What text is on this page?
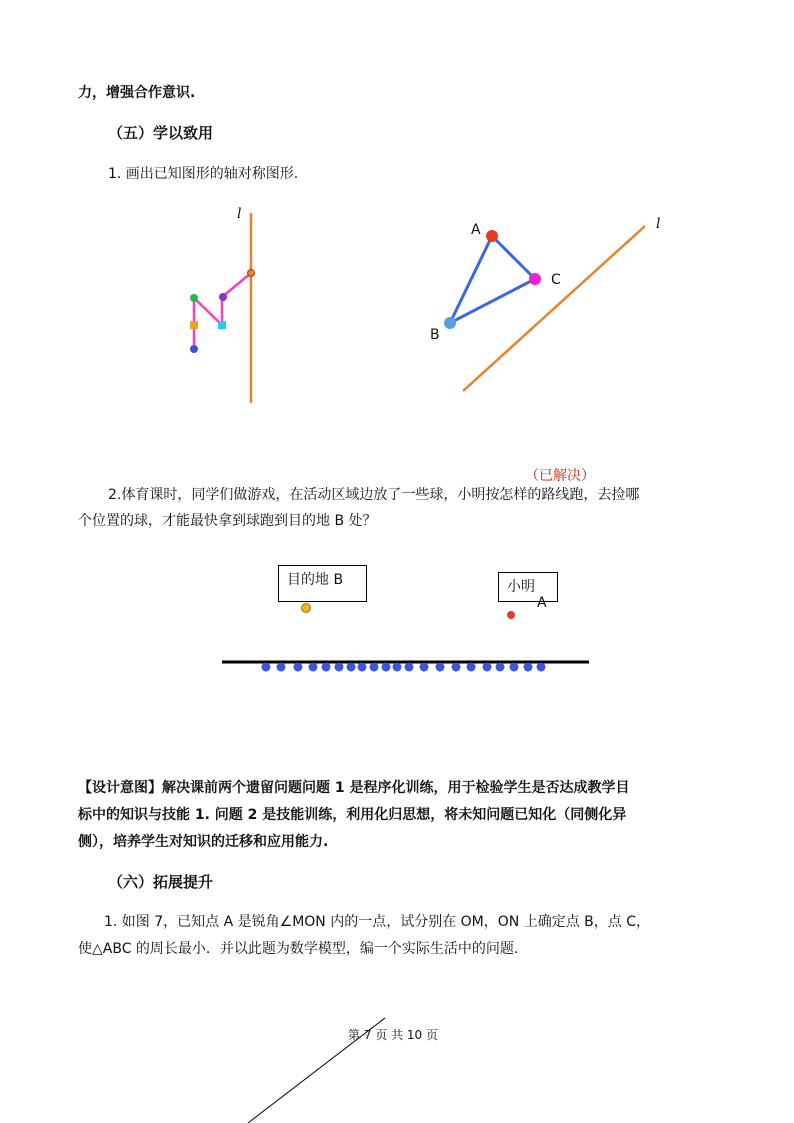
力，增强合作意识.
（五）学以致用
1. 画出已知图形的轴对称图形.
l
l
A
C
B
（已解决）
2.体育课时，同学们做游戏，在活动区域边放了一些球，小明按怎样的路线跑，去捡哪
个位置的球，才能最快拿到球跑到目的地 B 处？
目的地 B	小明
A
【设计意图】解决课前两个遗留问题问题 1 是程序化训练，用于检验学生是否达成教学目
标中的知识与技能 1. 问题 2 是技能训练，利用化归思想，将未知问题已知化（同侧化异
侧），培养学生对知识的迁移和应用能力.
（六）拓展提升
1. 如图 7，已知点 A 是锐角∠MON 内的一点，试分别在 OM，ON 上确定点 B，点 C，
使△ABC 的周长最小．并以此题为数学模型，编一个实际生活中的问题.
第 7 页 共 10 页
